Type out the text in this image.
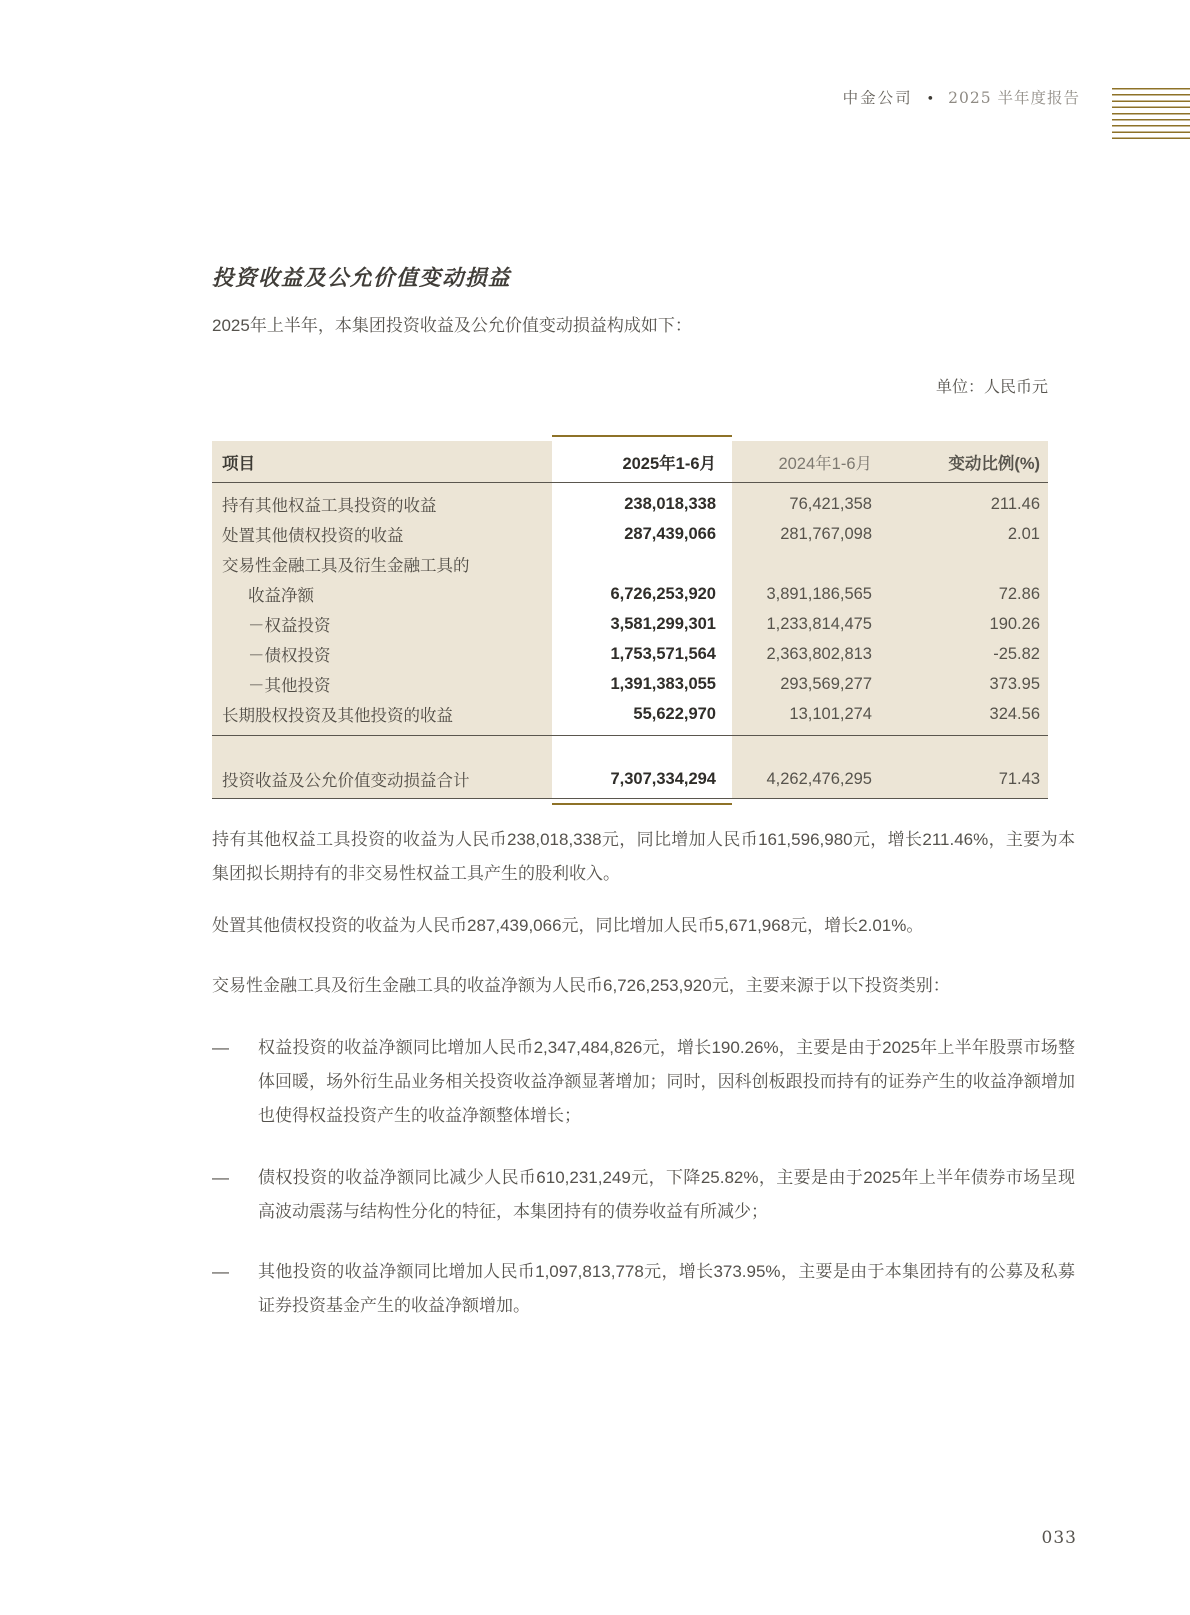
中金公司 • 2025 半年度报告
投资收益及公允价值变动损益
2025年上半年，本集团投资收益及公允价值变动损益构成如下：
单位：人民币元
项目	2025年1-6月	2024年1-6月	变动比例(%)
持有其他权益工具投资的收益	238,018,338	76,421,358	211.46
处置其他债权投资的收益	287,439,066	281,767,098	2.01
交易性金融工具及衍生金融工具的
收益净额	6,726,253,920	3,891,186,565	72.86
－权益投资	3,581,299,301	1,233,814,475	190.26
－债权投资	1,753,571,564	2,363,802,813	-25.82
－其他投资	1,391,383,055	293,569,277	373.95
长期股权投资及其他投资的收益	55,622,970	13,101,274	324.56
投资收益及公允价值变动损益合计	7,307,334,294	4,262,476,295	71.43
持有其他权益工具投资的收益为人民币238,018,338元，同比增加人民币161,596,980元，增长211.46%，主要为本集团拟长期持有的非交易性权益工具产生的股利收入。
处置其他债权投资的收益为人民币287,439,066元，同比增加人民币5,671,968元，增长2.01%。
交易性金融工具及衍生金融工具的收益净额为人民币6,726,253,920元，主要来源于以下投资类别：
—	权益投资的收益净额同比增加人民币2,347,484,826元，增长190.26%，主要是由于2025年上半年股票市场整体回暖，场外衍生品业务相关投资收益净额显著增加；同时，因科创板跟投而持有的证券产生的收益净额增加也使得权益投资产生的收益净额整体增长；
—	债权投资的收益净额同比减少人民币610,231,249元，下降25.82%，主要是由于2025年上半年债券市场呈现高波动震荡与结构性分化的特征，本集团持有的债券收益有所减少；
—	其他投资的收益净额同比增加人民币1,097,813,778元，增长373.95%，主要是由于本集团持有的公募及私募证券投资基金产生的收益净额增加。
033
